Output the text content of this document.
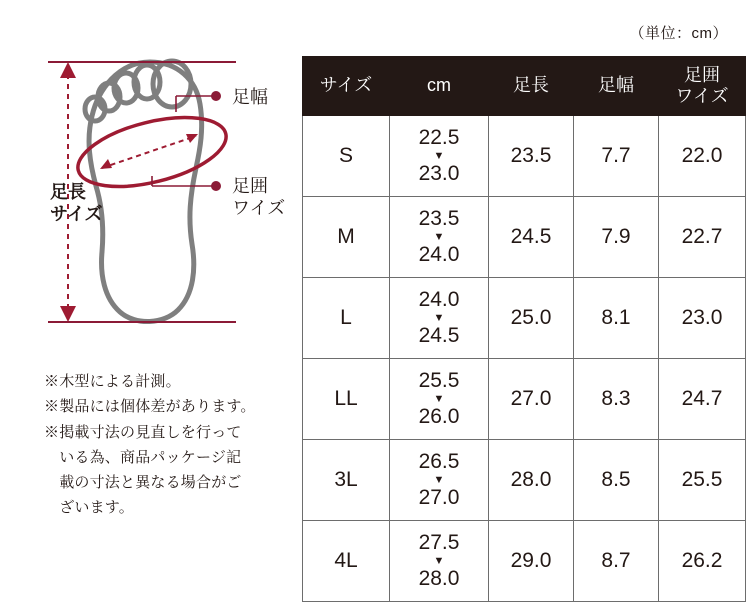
（単位：cm）
足幅
足囲
ワイズ
足長
サイズ

※木型による計測。

※製品には個体差があります。

※掲載寸法の見直しを行って

　いる為、商品パッケージ記

　載の寸法と異なる場合がご

　ざいます。

サイズ	cm	足長	足幅	足囲
ワイズ

S	22.5
▼
23.0	23.5	7.7	22.0
M	23.5
▼
24.0	24.5	7.9	22.7
L	24.0
▼
24.5	25.0	8.1	23.0
LL	25.5
▼
26.0	27.0	8.3	24.7
3L	26.5
▼
27.0	28.0	8.5	25.5
4L	27.5
▼
28.0	29.0	8.7	26.2
